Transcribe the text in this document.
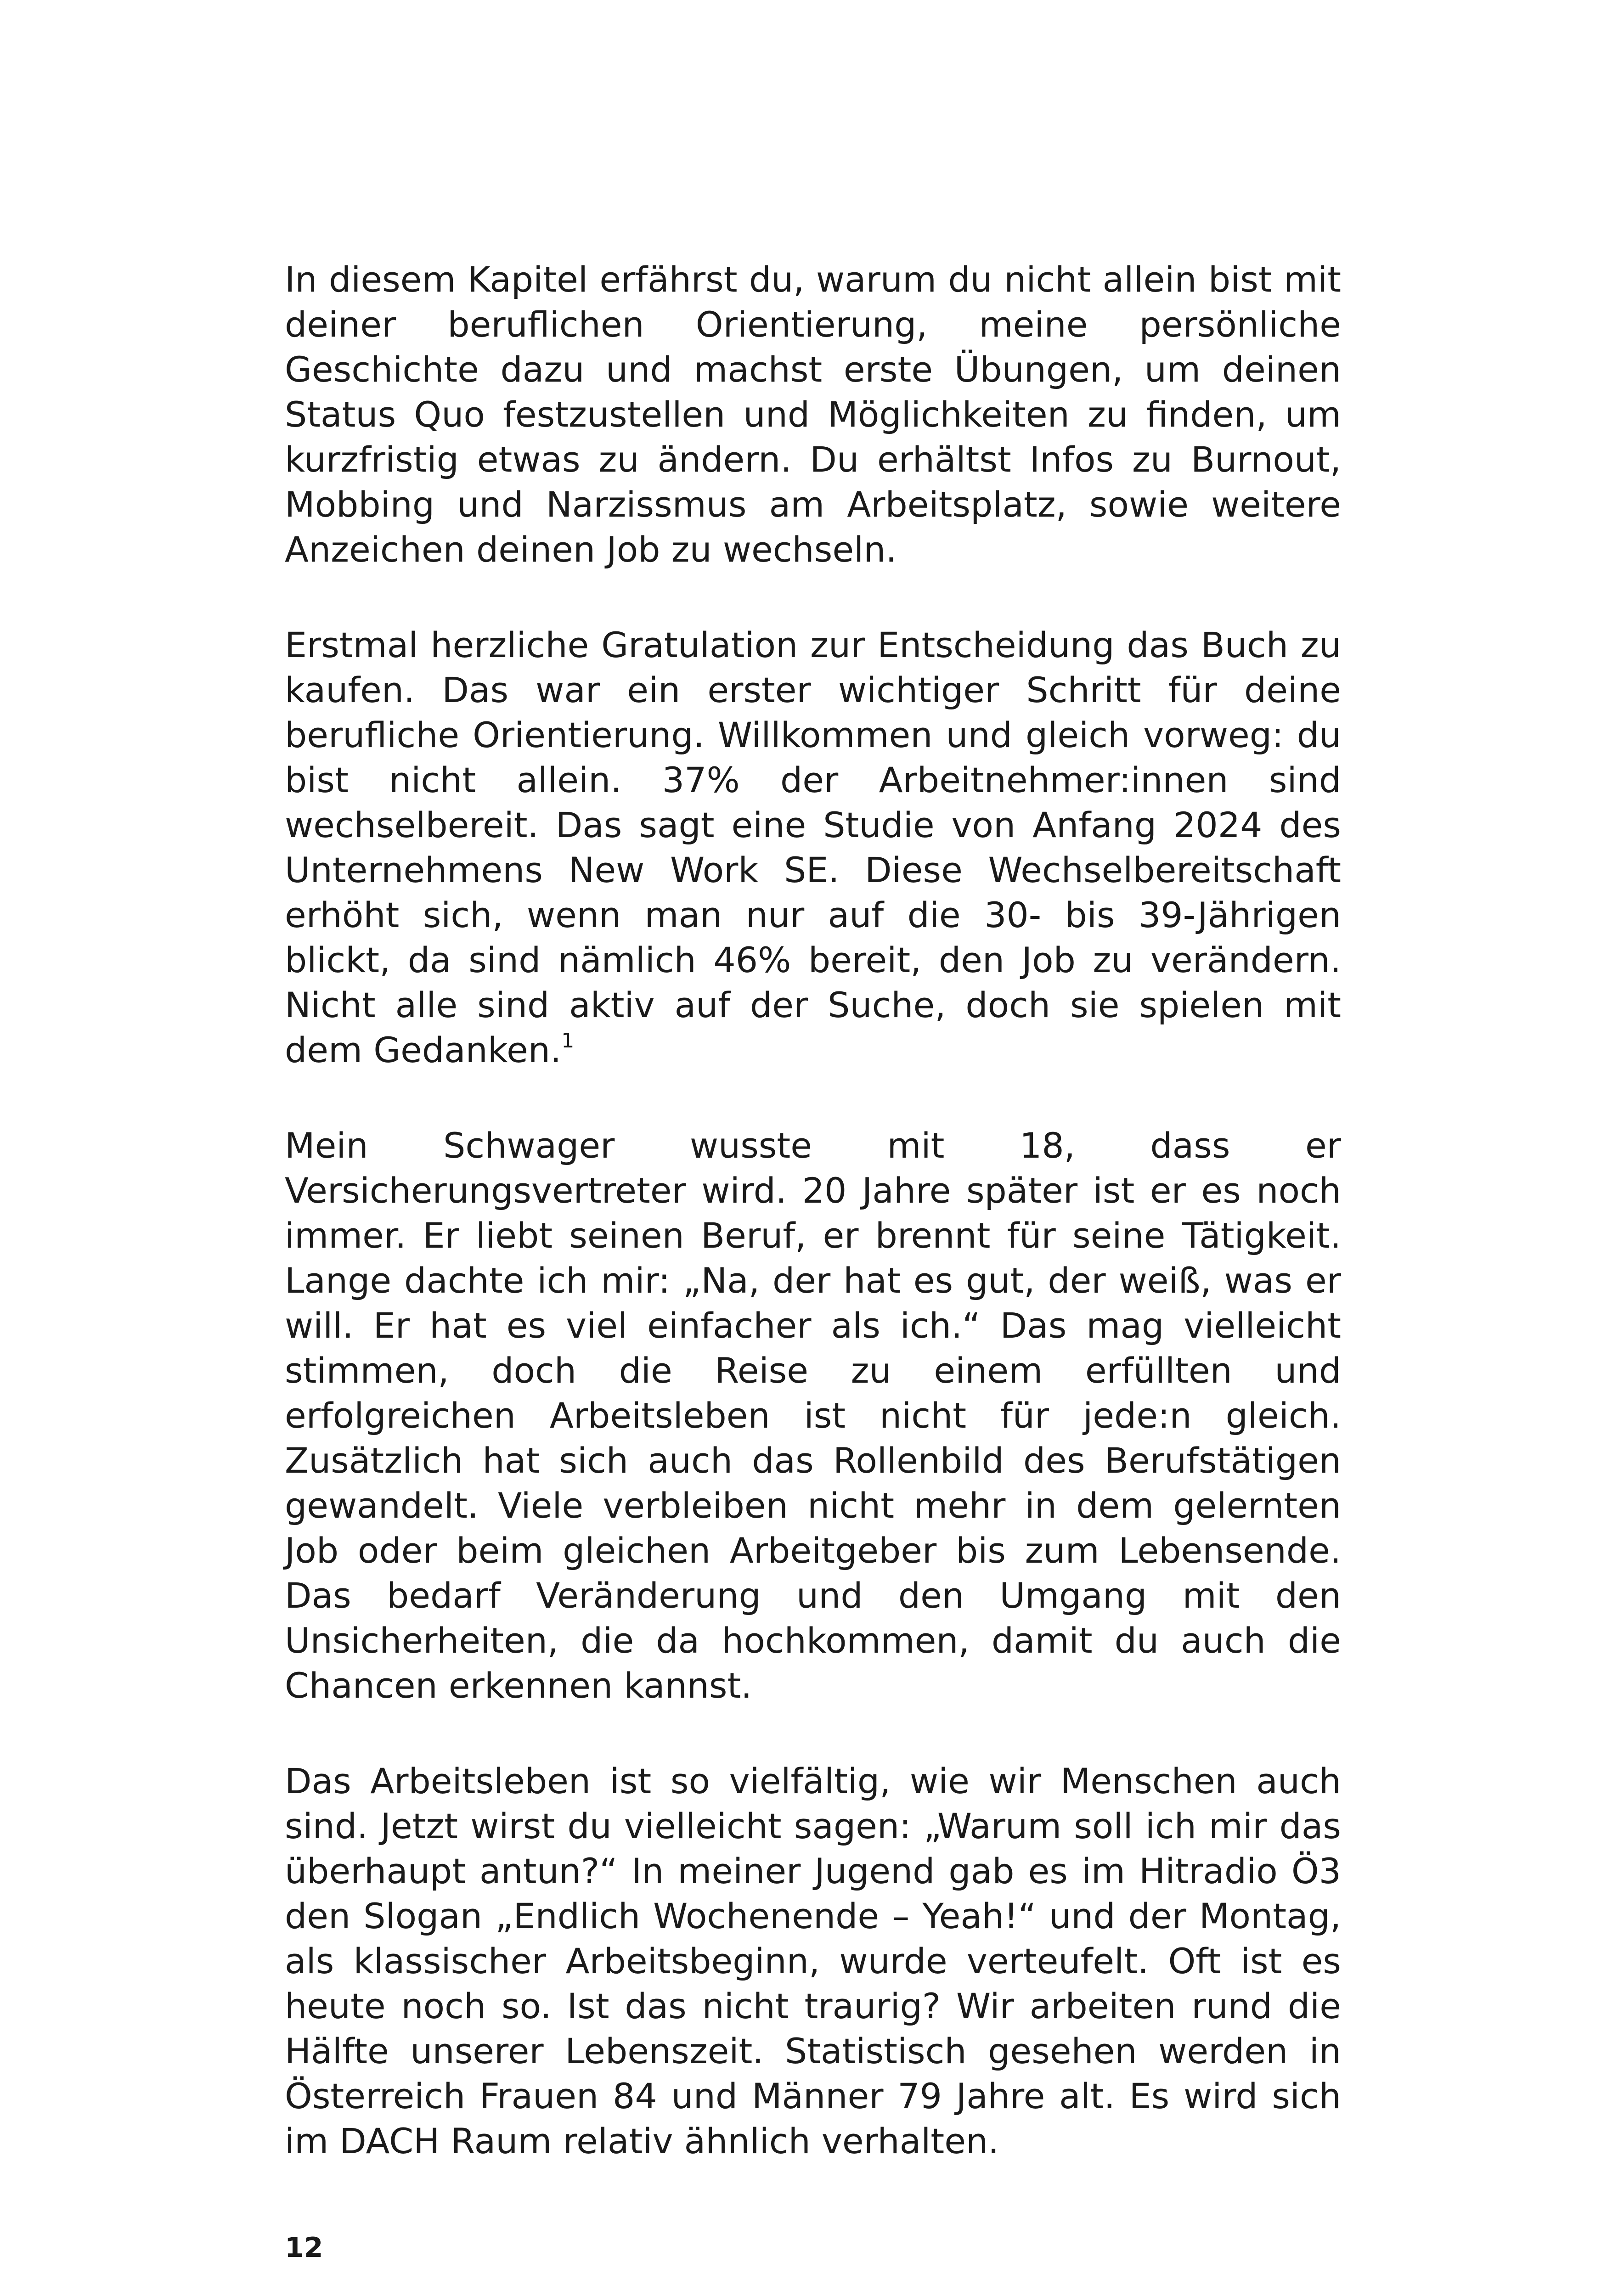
In diesem Kapitel erfährst du, warum du nicht allein bist mit deiner beruflichen Orientierung, meine persönliche Geschichte dazu und machst erste Übungen, um deinen Status Quo festzustellen und Möglichkeiten zu finden, um kurzfristig etwas zu ändern. Du erhältst Infos zu Burnout, Mobbing und Narzissmus am Arbeitsplatz, sowie weitere Anzeichen deinen Job zu wechseln.

Erstmal herzliche Gratulation zur Entscheidung das Buch zu kaufen. Das war ein erster wichtiger Schritt für deine berufliche Orientierung. Willkommen und gleich vorweg: du bist nicht allein. 37% der Arbeitnehmer:innen sind wechselbereit. Das sagt eine Studie von Anfang 2024 des Unternehmens New Work SE. Diese Wechselbereitschaft erhöht sich, wenn man nur auf die 30- bis 39-Jährigen blickt, da sind nämlich 46% bereit, den Job zu verändern. Nicht alle sind aktiv auf der Suche, doch sie spielen mit dem Gedanken.$^1$

Mein Schwager wusste mit 18, dass er Versicherungsvertreter wird. 20 Jahre später ist er es noch immer. Er liebt seinen Beruf, er brennt für seine Tätigkeit. Lange dachte ich mir: „Na, der hat es gut, der weiß, was er will. Er hat es viel einfacher als ich.“ Das mag vielleicht stimmen, doch die Reise zu einem erfüllten und erfolgreichen Arbeitsleben ist nicht für jede:n gleich. Zusätzlich hat sich auch das Rollenbild des Berufstätigen gewandelt. Viele verbleiben nicht mehr in dem gelernten Job oder beim gleichen Arbeitgeber bis zum Lebensende. Das bedarf Veränderung und den Umgang mit den Unsicherheiten, die da hochkommen, damit du auch die Chancen erkennen kannst.

Das Arbeitsleben ist so vielfältig, wie wir Menschen auch sind. Jetzt wirst du vielleicht sagen: „Warum soll ich mir das überhaupt antun?“ In meiner Jugend gab es im Hitradio Ö3 den Slogan „Endlich Wochenende – Yeah!“ und der Montag, als klassischer Arbeitsbeginn, wurde verteufelt. Oft ist es heute noch so. Ist das nicht traurig? Wir arbeiten rund die Hälfte unserer Lebenszeit. Statistisch gesehen werden in Österreich Frauen 84 und Männer 79 Jahre alt. Es wird sich im DACH Raum relativ ähnlich verhalten.

12
